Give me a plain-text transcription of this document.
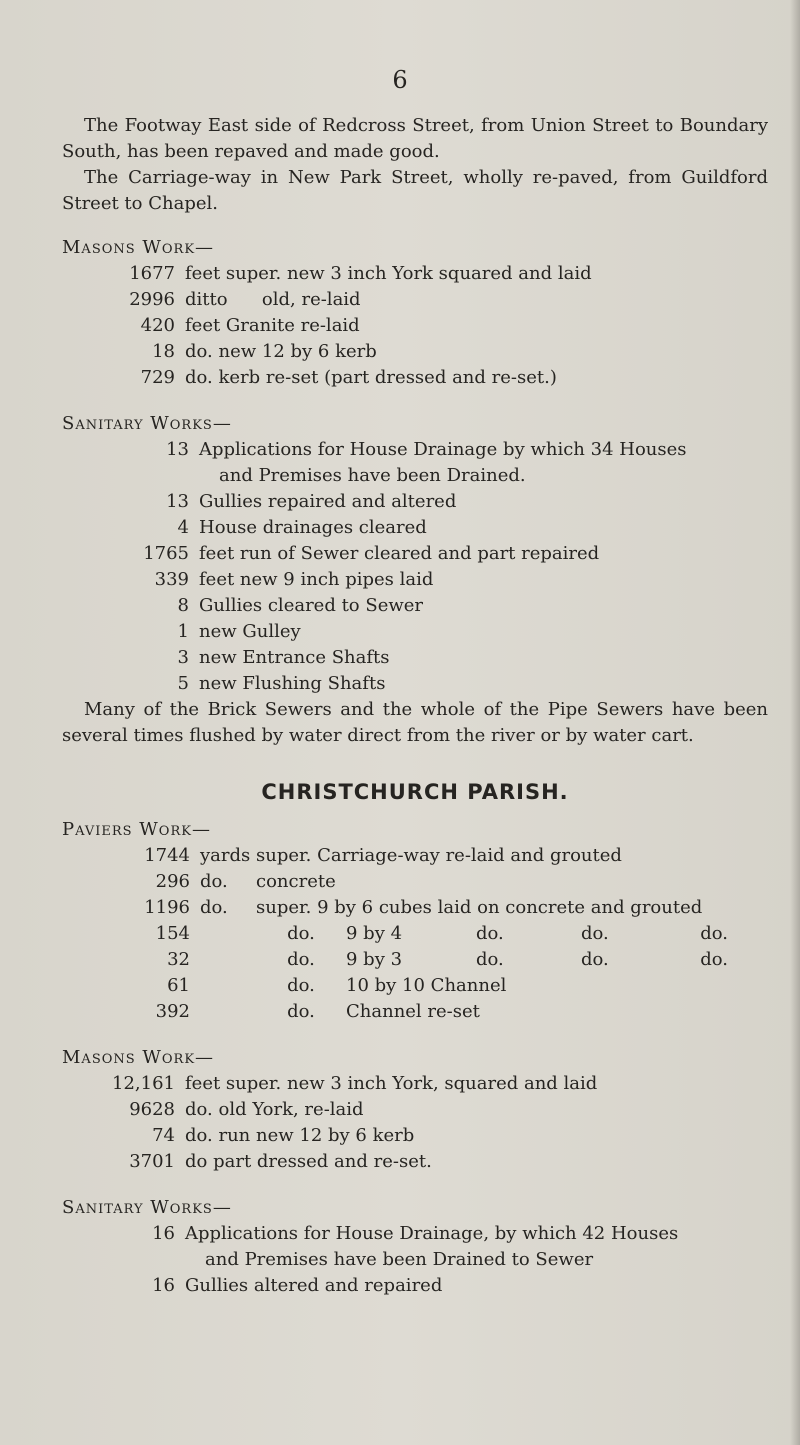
6

The Footway East side of Redcross Street, from Union Street to Boundary South, has been repaved and made good.

The Carriage-way in New Park Street, wholly re-paved, from Guildford Street to Chapel.

Masons Work—
1677 feet super. new 3 inch York squared and laid
2996 ditto      old, re-laid
420 feet Granite re-laid
18 do. new 12 by 6 kerb
729 do. kerb re-set (part dressed and re-set.)
Sanitary Works—
13 Applications for House Drainage by which 34 Houses
and Premises have been Drained.
13 Gullies repaired and altered
4 House drainages cleared
1765 feet run of Sewer cleared and part repaired
339 feet new 9 inch pipes laid
8 Gullies cleared to Sewer
1 new Gulley
3 new Entrance Shafts
5 new Flushing Shafts

Many of the Brick Sewers and the whole of the Pipe Sewers have been several times flushed by water direct from the river or by water cart.

CHRISTCHURCH PARISH.
Paviers Work—
1744 yards super. Carriage-way re-laid and grouted
296 do.	concrete
1196 do.	super. 9 by 6 cubes laid on concrete and grouted
154	do.	9 by 4	do.	do.	do.
32	do.	9 by 3	do.	do.	do.
61	do.	10 by 10 Channel
392	do.	Channel re-set
Masons Work—
12,161 feet super. new 3 inch York, squared and laid
9628 do. old York, re-laid
74 do. run new 12 by 6 kerb
3701 do part dressed and re-set.
Sanitary Works—
16 Applications for House Drainage, by which 42 Houses
and Premises have been Drained to Sewer
16 Gullies altered and repaired
